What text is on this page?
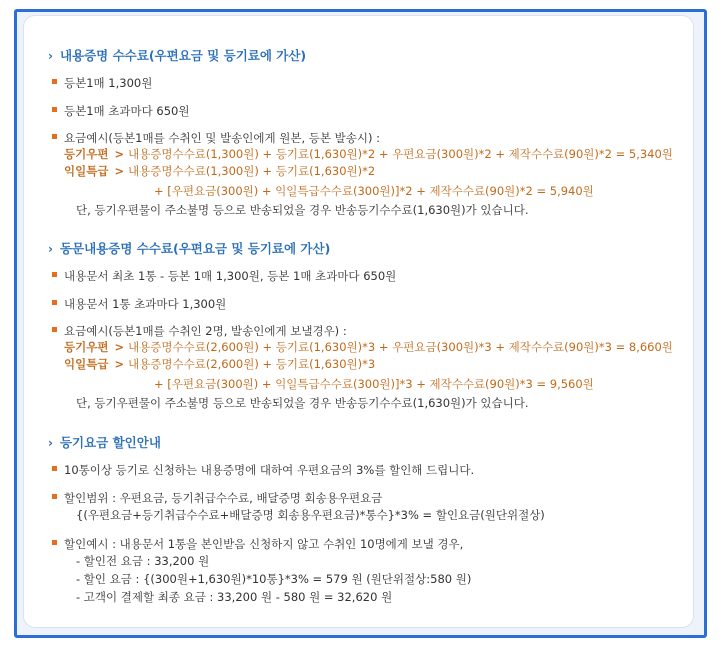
› 내용증명 수수료(우편요금 및 등기료에 가산)
등본1매 1,300원
등본1매 초과마다 650원
요금예시(등본1매를 수취인 및 발송인에게 원본, 등본 발송시) :
등기우편 > 내용증명수수료(1,300원) + 등기료(1,630원)*2 + 우편요금(300원)*2 + 제작수수료(90원)*2 = 5,340원
익일특급 > 내용증명수수료(1,300원) + 등기료(1,630원)*2
+ [우편요금(300원) + 익일특급수수료(300원)]*2 + 제작수수료(90원)*2 = 5,940원
단, 등기우편물이 주소불명 등으로 반송되었을 경우 반송등기수수료(1,630원)가 있습니다.
› 동문내용증명 수수료(우편요금 및 등기료에 가산)
내용문서 최초 1통 - 등본 1매 1,300원, 등본 1매 초과마다 650원
내용문서 1통 초과마다 1,300원
요금예시(등본1매를 수취인 2명, 발송인에게 보낼경우) :
등기우편 > 내용증명수수료(2,600원) + 등기료(1,630원)*3 + 우편요금(300원)*3 + 제작수수료(90원)*3 = 8,660원
익일특급 > 내용증명수수료(2,600원) + 등기료(1,630원)*3
+ [우편요금(300원) + 익일특급수수료(300원)]*3 + 제작수수료(90원)*3 = 9,560원
단, 등기우편물이 주소불명 등으로 반송되었을 경우 반송등기수수료(1,630원)가 있습니다.
› 등기요금 할인안내
10통이상 등기로 신청하는 내용증명에 대하여 우편요금의 3%를 할인해 드립니다.
할인범위 : 우편요금, 등기취급수수료, 배달증명 회송용우편요금
{(우편요금+등기취급수수료+배달증명 회송용우편요금)*통수}*3% = 할인요금(원단위절상)
할인예시 : 내용문서 1통을 본인받음 신청하지 않고 수취인 10명에게 보낼 경우,
- 할인전 요금 : 33,200 원
- 할인 요금 : {(300원+1,630원)*10통}*3% = 579 원 (원단위절상:580 원)
- 고객이 결제할 최종 요금 : 33,200 원 - 580 원 = 32,620 원
